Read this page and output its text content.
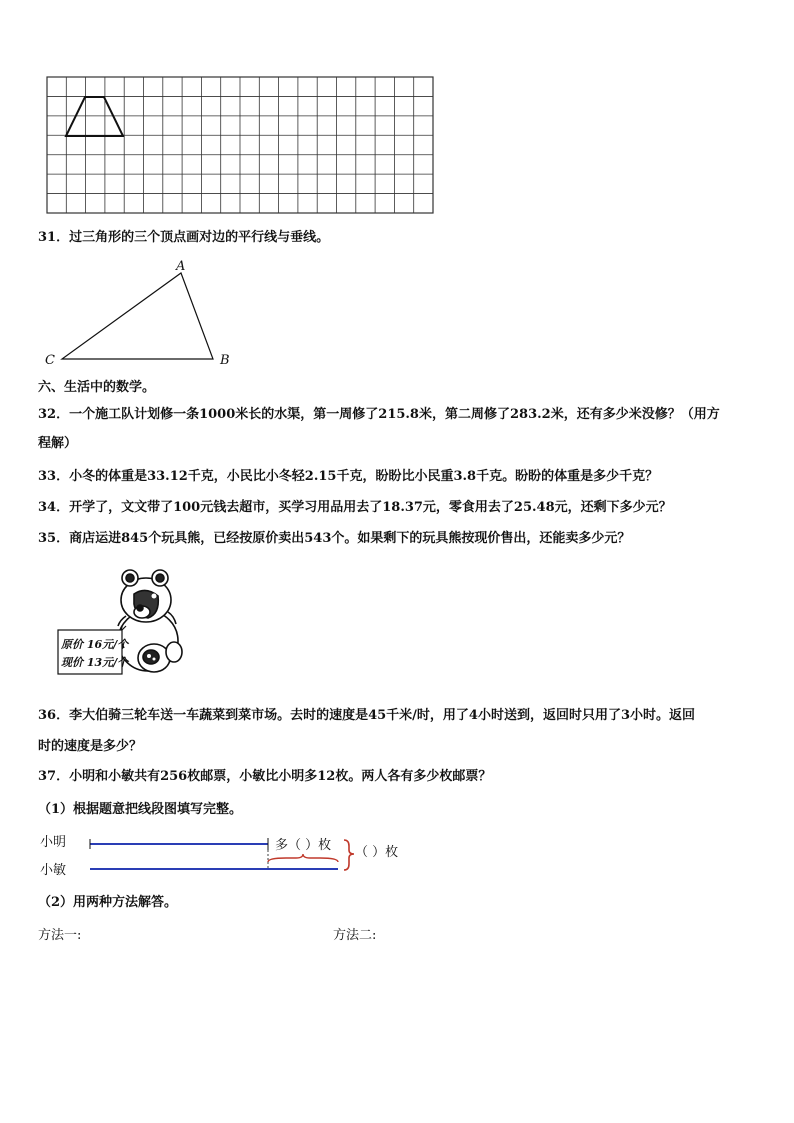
31．过三角形的三个顶点画对边的平行线与垂线。
A
B
C
六、生活中的数学。
32．一个施工队计划修一条1000米长的水渠，第一周修了215.8米，第二周修了283.2米，还有多少米没修？（用方
程解）
33．小冬的体重是33.12千克，小民比小冬轻2.15千克，盼盼比小民重3.8千克。盼盼的体重是多少千克？
34．开学了，文文带了100元钱去超市，买学习用品用去了18.37元，零食用去了25.48元，还剩下多少元？
35．商店运进845个玩具熊，已经按原价卖出543个。如果剩下的玩具熊按现价售出，还能卖多少元？
原价 16元/个
现价 13元/个
36．李大伯骑三轮车送一车蔬菜到菜市场。去时的速度是45千米/时，用了4小时送到，返回时只用了3小时。返回
时的速度是多少？
37．小明和小敏共有256枚邮票，小敏比小明多12枚。两人各有多少枚邮票？
（1）根据题意把线段图填写完整。
小明
小敏
多（ ）枚 （ ）枚
（2）用两种方法解答。
方法一:	方法二:
